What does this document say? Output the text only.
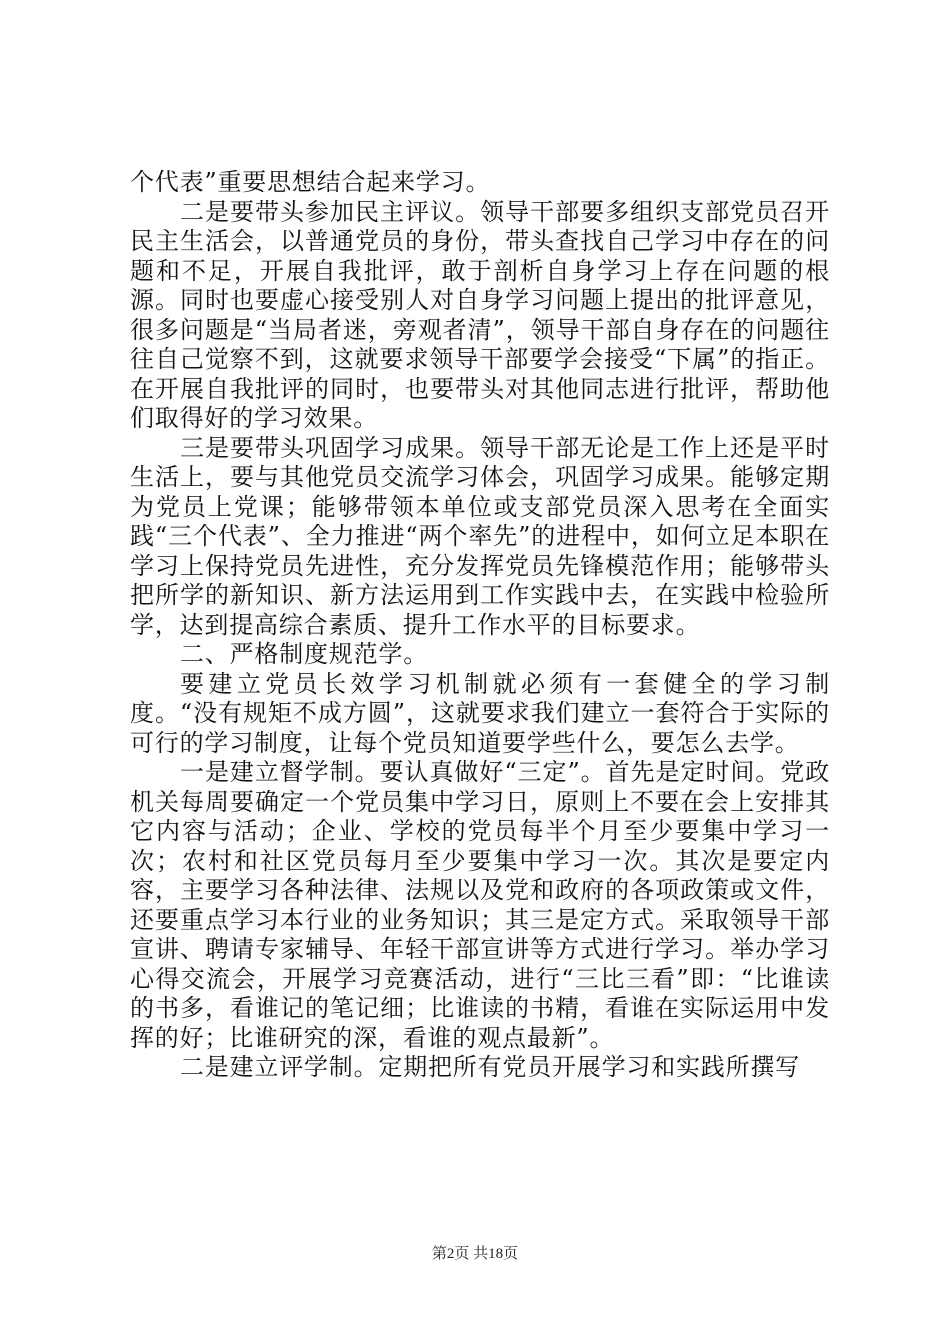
个代表”重要思想结合起来学习。

二是要带头参加民主评议。领导干部要多组织支部党员召开民主生活会，以普通党员的身份，带头查找自己学习中存在的问题和不足，开展自我批评，敢于剖析自身学习上存在问题的根源。同时也要虚心接受别人对自身学习问题上提出的批评意见，很多问题是“当局者迷，旁观者清”，领导干部自身存在的问题往往自己觉察不到，这就要求领导干部要学会接受“下属”的指正。在开展自我批评的同时，也要带头对其他同志进行批评，帮助他们取得好的学习效果。

三是要带头巩固学习成果。领导干部无论是工作上还是平时生活上，要与其他党员交流学习体会，巩固学习成果。能够定期为党员上党课；能够带领本单位或支部党员深入思考在全面实践“三个代表”、全力推进“两个率先”的进程中，如何立足本职在学习上保持党员先进性，充分发挥党员先锋模范作用；能够带头把所学的新知识、新方法运用到工作实践中去，在实践中检验所学，达到提高综合素质、提升工作水平的目标要求。

二、严格制度规范学。

要建立党员长效学习机制就必须有一套健全的学习制度。“没有规矩不成方圆”，这就要求我们建立一套符合于实际的可行的学习制度，让每个党员知道要学些什么，要怎么去学。

一是建立督学制。要认真做好“三定”。首先是定时间。党政机关每周要确定一个党员集中学习日，原则上不要在会上安排其它内容与活动；企业、学校的党员每半个月至少要集中学习一次；农村和社区党员每月至少要集中学习一次。其次是要定内容，主要学习各种法律、法规以及党和政府的各项政策或文件，还要重点学习本行业的业务知识；其三是定方式。采取领导干部宣讲、聘请专家辅导、年轻干部宣讲等方式进行学习。举办学习心得交流会，开展学习竞赛活动，进行“三比三看”即：“比谁读的书多，看谁记的笔记细；比谁读的书精，看谁在实际运用中发挥的好；比谁研究的深，看谁的观点最新”。

二是建立评学制。定期把所有党员开展学习和实践所撰写

第2页 共18页
